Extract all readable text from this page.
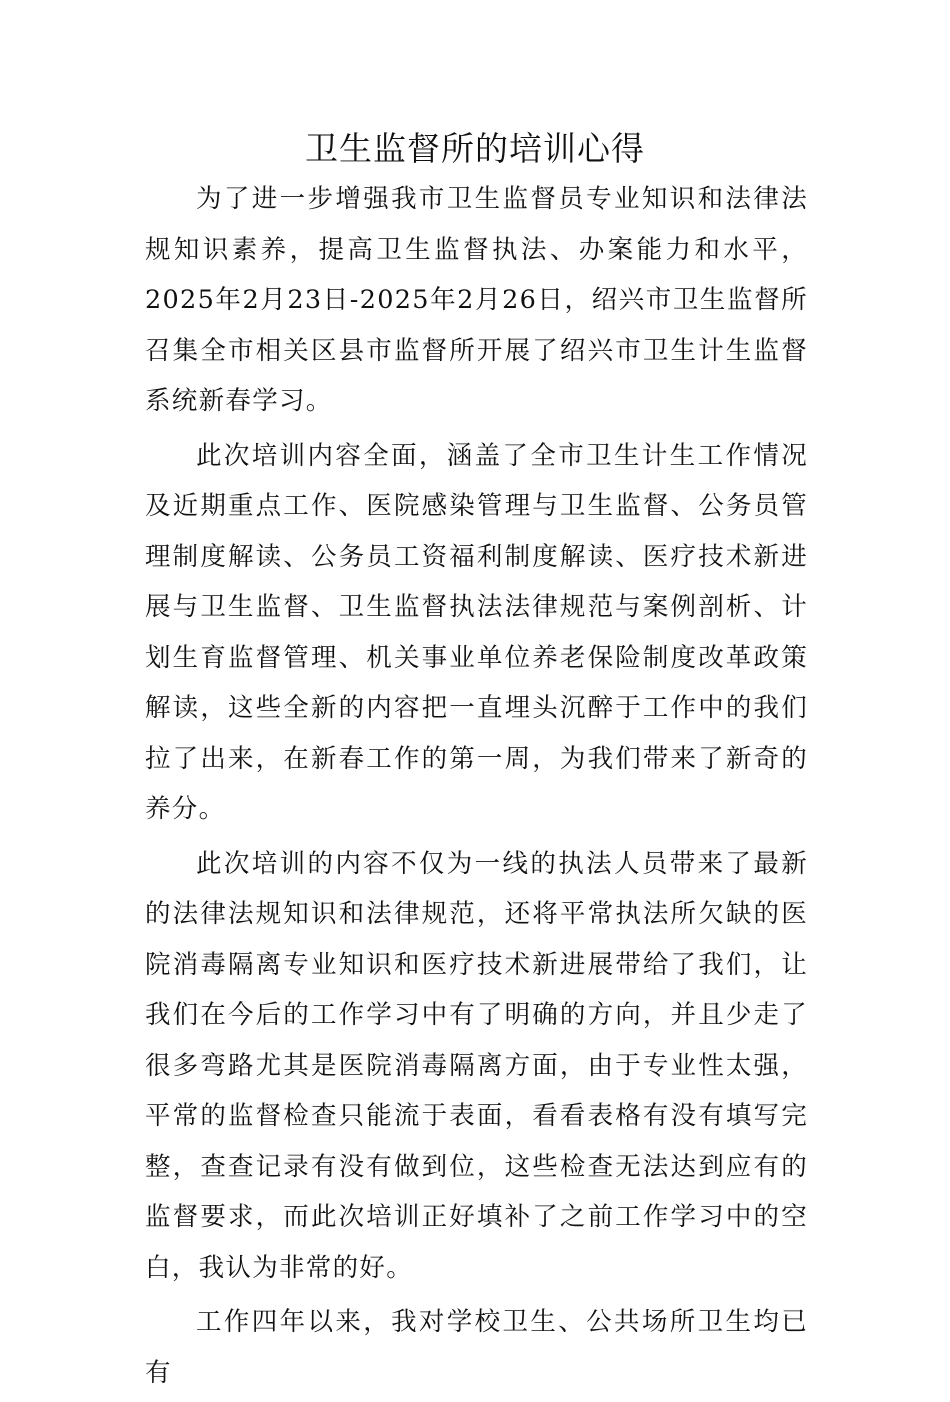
卫生监督所的培训心得

为了进一步增强我市卫生监督员专业知识和法律法规知识素养，提高卫生监督执法、办案能力和水平，2025年2月23日-2025年2月26日，绍兴市卫生监督所召集全市相关区县市监督所开展了绍兴市卫生计生监督系统新春学习。

此次培训内容全面，涵盖了全市卫生计生工作情况及近期重点工作、医院感染管理与卫生监督、公务员管理制度解读、公务员工资福利制度解读、医疗技术新进展与卫生监督、卫生监督执法法律规范与案例剖析、计划生育监督管理、机关事业单位养老保险制度改革政策解读，这些全新的内容把一直埋头沉醉于工作中的我们拉了出来，在新春工作的第一周，为我们带来了新奇的养分。

此次培训的内容不仅为一线的执法人员带来了最新的法律法规知识和法律规范，还将平常执法所欠缺的医院消毒隔离专业知识和医疗技术新进展带给了我们，让我们在今后的工作学习中有了明确的方向，并且少走了很多弯路尤其是医院消毒隔离方面，由于专业性太强，平常的监督检查只能流于表面，看看表格有没有填写完整，查查记录有没有做到位，这些检查无法达到应有的监督要求，而此次培训正好填补了之前工作学习中的空白，我认为非常的好。

工作四年以来，我对学校卫生、公共场所卫生均已有
